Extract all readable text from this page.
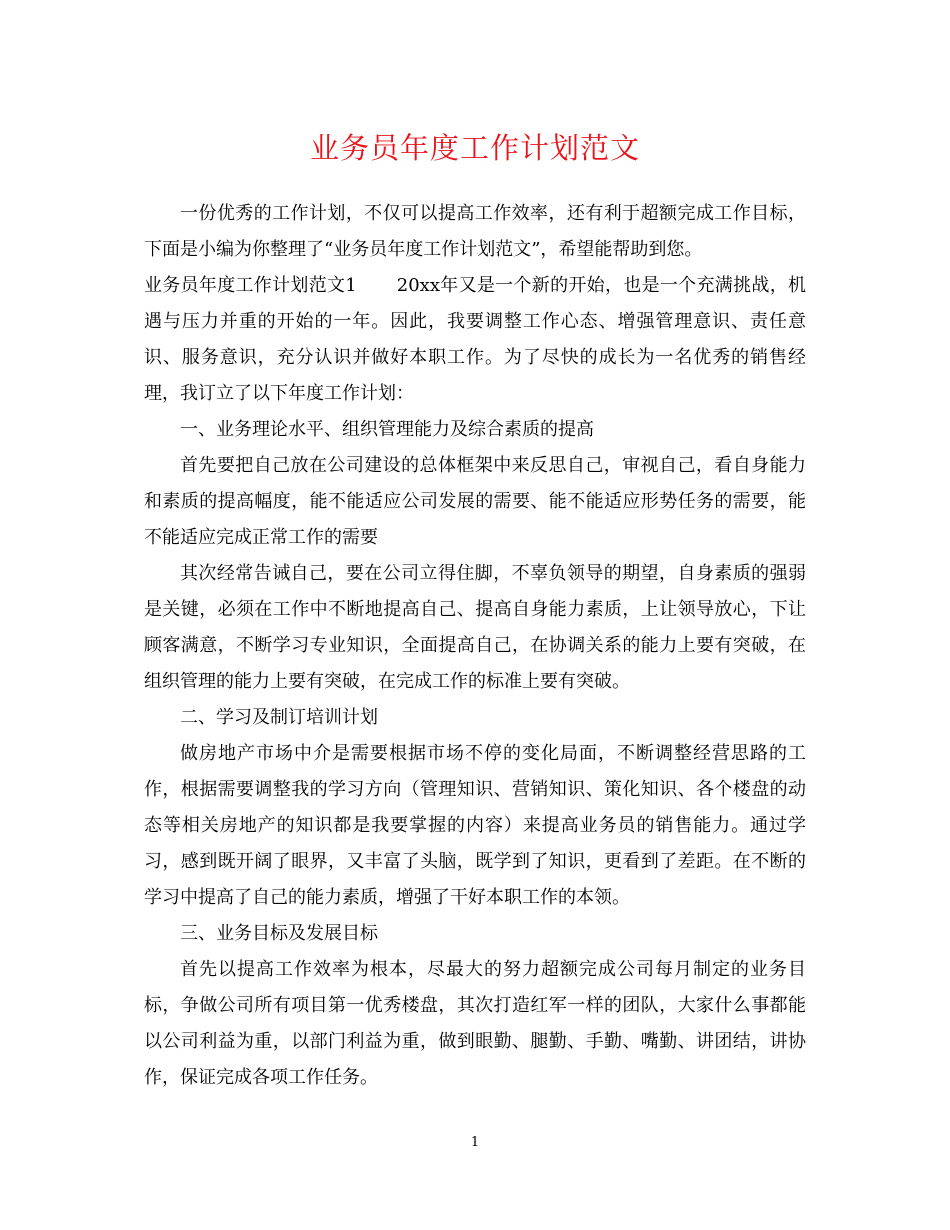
业务员年度工作计划范文

一份优秀的工作计划，不仅可以提高工作效率，还有利于超额完成工作目标，下面是小编为你整理了“业务员年度工作计划范文”，希望能帮助到您。

业务员年度工作计划范文1 20xx年又是一个新的开始，也是一个充满挑战，机遇与压力并重的开始的一年。因此，我要调整工作心态、增强管理意识、责任意识、服务意识，充分认识并做好本职工作。为了尽快的成长为一名优秀的销售经理，我订立了以下年度工作计划：

一、业务理论水平、组织管理能力及综合素质的提高

首先要把自己放在公司建设的总体框架中来反思自己，审视自己，看自身能力和素质的提高幅度，能不能适应公司发展的需要、能不能适应形势任务的需要，能不能适应完成正常工作的需要

其次经常告诫自己，要在公司立得住脚，不辜负领导的期望，自身素质的强弱是关键，必须在工作中不断地提高自己、提高自身能力素质，上让领导放心，下让顾客满意，不断学习专业知识，全面提高自己，在协调关系的能力上要有突破，在组织管理的能力上要有突破，在完成工作的标准上要有突破。

二、学习及制订培训计划

做房地产市场中介是需要根据市场不停的变化局面，不断调整经营思路的工作，根据需要调整我的学习方向（管理知识、营销知识、策化知识、各个楼盘的动态等相关房地产的知识都是我要掌握的内容）来提高业务员的销售能力。通过学习，感到既开阔了眼界，又丰富了头脑，既学到了知识，更看到了差距。在不断的学习中提高了自己的能力素质，增强了干好本职工作的本领。

三、业务目标及发展目标

首先以提高工作效率为根本，尽最大的努力超额完成公司每月制定的业务目标，争做公司所有项目第一优秀楼盘，其次打造红军一样的团队，大家什么事都能以公司利益为重，以部门利益为重，做到眼勤、腿勤、手勤、嘴勤、讲团结，讲协作，保证完成各项工作任务。

1
